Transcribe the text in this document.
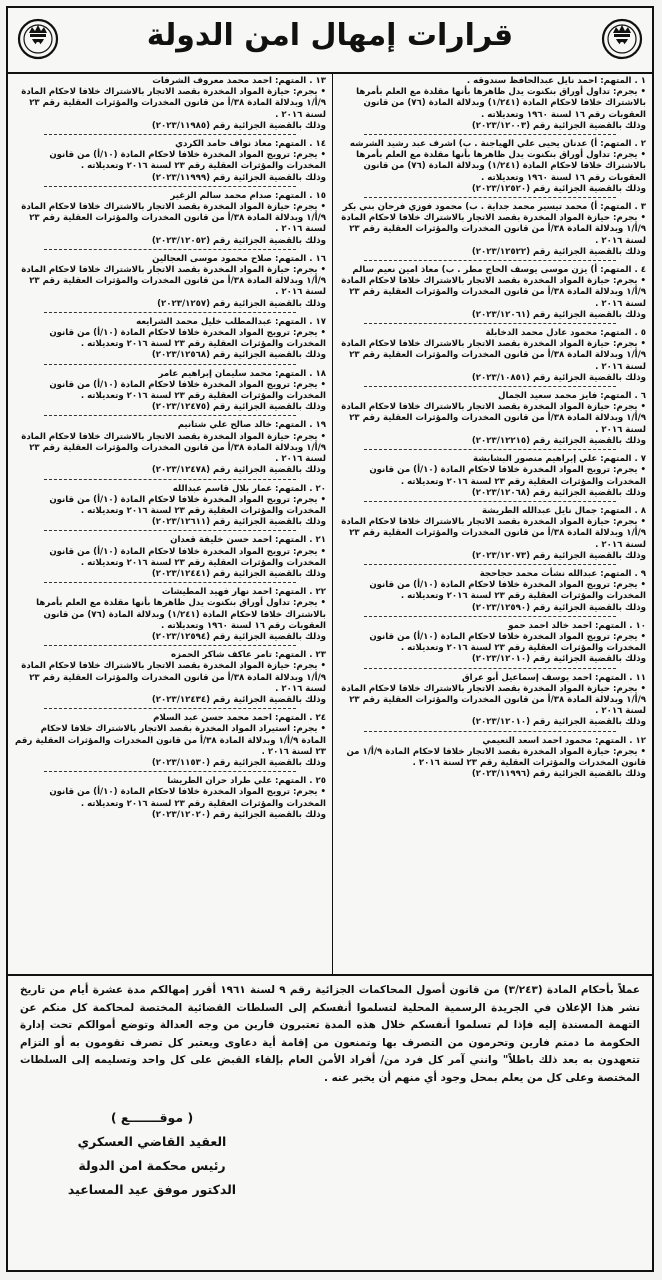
قرارات إمهال امن الدولة
١ . المتهم: احمد نايل عبدالحافظ سندوقه .
• يجرم: تداول أوراق بنكنوت يدل ظاهرها بأنها مقلدة مع العلم بأمرها بالاشتراك خلافا لاحكام المادة (١/٢٤١) وبدلالة المادة (٧٦) من قانون العقوبات رقم ١٦ لسنة ١٩٦٠ وتعديلاته .
وذلك بالقضية الجزائية رقم (٢٠٢٣/١٢٠٠٣)
٢ . المتهم: أ) عدنان يحيى علي الهياجنة . ب) اشرف عبد رشيد الشرشه
• يجرم: تداول أوراق بنكنوت يدل ظاهرها بأنها مقلدة مع العلم بأمرها بالاشتراك خلافا لاحكام المادة (١/٢٤١) وبدلالة المادة (٧٦) من قانون العقوبات رقم ١٦ لسنة ١٩٦٠ وتعديلاته .
وذلك بالقضية الجزائية رقم (٢٠٢٣/١٢٥٢٠)
٣ . المتهم: أ) محمد تيسير محمد جداية . ب) محمود فوزي فرحان بني بكر
• يجرم: حيازة المواد المخدرة بقصد الاتجار بالاشتراك خلافا لاحكام المادة ٩/أ/١ وبدلالة المادة ٣٨/أ من قانون المخدرات والمؤثرات العقلية رقم ٢٣ لسنة ٢٠١٦ .
وذلك بالقضية الجزائية رقم (٢٠٢٣/١٢٥٢٢)
٤ . المتهم: أ) يزن موسى يوسف الحاج مطر . ب) معاذ امين نعيم سالم
• يجرم: حيازة المواد المخدرة بقصد الاتجار بالاشتراك خلافا لاحكام المادة ٩/أ/١ وبدلالة المادة ٣٨/أ من قانون المخدرات والمؤثرات العقلية رقم ٢٣ لسنة ٢٠١٦ .
وذلك بالقضية الجزائية رقم (٢٠٢٣/١٢٠٦١)
٥ . المتهم: محمود عادل محمد الدخابلة
• يجرم: حيازة المواد المخدرة بقصد الاتجار بالاشتراك خلافا لاحكام المادة ٩/أ/١ وبدلالة المادة ٣٨/أ من قانون المخدرات والمؤثرات العقلية رقم ٢٣ لسنة ٢٠١٦ .
وذلك بالقضية الجزائية رقم (٢٠٢٣/١٠٨٥١)
٦ . المتهم: فايز محمد سعيد الجمال
• يجرم: حيازة المواد المخدرة بقصد الاتجار بالاشتراك خلافا لاحكام المادة ٩/أ/١ وبدلالة المادة ٣٨/أ من قانون المخدرات والمؤثرات العقلية رقم ٢٣ لسنة ٢٠١٦ .
وذلك بالقضية الجزائية رقم (٢٠٢٣/١٢٢١٥)
٧ . المتهم: علي إبراهيم منصور البشابشة
• يجرم: ترويج المواد المخدرة خلافا لاحكام المادة (١٠/أ) من قانون المخدرات والمؤثرات العقلية رقم ٢٣ لسنة ٢٠١٦ وتعديلاته .
وذلك بالقضية الجزائية رقم (٢٠٢٣/١٢٠٦٨)
٨ . المتهم: جمال نايل عبدالله الطريشة
• يجرم: حيازة المواد المخدرة بقصد الاتجار بالاشتراك خلافا لاحكام المادة ٩/أ/١ وبدلالة المادة ٣٨/أ من قانون المخدرات والمؤثرات العقلية رقم ٢٣ لسنة ٢٠١٦ .
وذلك بالقضية الجزائية رقم (٢٠٢٣/١٢٠٧٣)
٩ . المتهم: عبدالله نشأت محمد حجاحجة
• يجرم: ترويج المواد المخدرة خلافا لاحكام المادة (١٠/أ) من قانون المخدرات والمؤثرات العقلية رقم ٢٣ لسنة ٢٠١٦ وتعديلاته .
وذلك بالقضية الجزائية رقم (٢٠٢٣/١٢٥٩٠)
١٠ . المتهم: احمد خالد احمد حمو
• يجرم: ترويج المواد المخدرة خلافا لاحكام المادة (١٠/أ) من قانون المخدرات والمؤثرات العقلية رقم ٢٣ لسنة ٢٠١٦ وتعديلاته .
وذلك بالقضية الجزائية رقم (٢٠٢٣/١٢٠١٠)
١١ . المتهم: احمد يوسف إسماعيل أبو عراق
• يجرم: حيازة المواد المخدرة بقصد الاتجار بالاشتراك خلافا لاحكام المادة ٩/أ/١ وبدلالة المادة ٣٨/أ من قانون المخدرات والمؤثرات العقلية رقم ٢٣ لسنة ٢٠١٦ .
وذلك بالقضية الجزائية رقم (٢٠٢٣/١٢٠١٠)
١٢ . المتهم: محمود احمد اسعد النعيمي
• يجرم: حيازة المواد المخدرة بقصد الاتجار خلافا لاحكام المادة ٩/أ/١ من قانون المخدرات والمؤثرات العقلية رقم ٢٣ لسنة ٢٠١٦ .
وذلك بالقضية الجزائية رقم (٢٠٢٣/١١٩٩٦)
١٣ . المتهم: احمد محمد معروف الشرفات
• يجرم: حيازة المواد المخدرة بقصد الاتجار بالاشتراك خلافا لاحكام المادة ٩/أ/١ وبدلالة المادة ٣٨/أ من قانون المخدرات والمؤثرات العقلية رقم ٢٣ لسنة ٢٠١٦ .
وذلك بالقضية الجزائية رقم (٢٠٢٣/١١٩٨٥)
١٤ . المتهم: معاذ نواف حامد الكردي
• يجرم: ترويج المواد المخدرة خلافا لاحكام المادة (١٠/أ) من قانون المخدرات والمؤثرات العقلية رقم ٢٣ لسنة ٢٠١٦ وتعديلاته .
وذلك بالقضية الجزائية رقم (٢٠٢٣/١١٩٩٩)
١٥ . المتهم: صدام محمد سالم الزغير
• يجرم: حيازة المواد المخدرة بقصد الاتجار بالاشتراك خلافا لاحكام المادة ٩/أ/١ وبدلالة المادة ٣٨/أ من قانون المخدرات والمؤثرات العقلية رقم ٢٣ لسنة ٢٠١٦ .
وذلك بالقضية الجزائية رقم (٢٠٢٣/١٢٠٥٢)
١٦ . المتهم: صلاح محمود موسى العجالين
• يجرم: حيازة المواد المخدرة بقصد الاتجار بالاشتراك خلافا لاحكام المادة ٩/أ/١ وبدلالة المادة ٣٨/أ من قانون المخدرات والمؤثرات العقلية رقم ٢٣ لسنة ٢٠١٦ .
وذلك بالقضية الجزائية رقم (٢٠٢٣/١٢٥٧)
١٧ . المتهم: عبدالمطلب خليل محمد الشرايعه
• يجرم: ترويج المواد المخدرة خلافا لاحكام المادة (١٠/أ) من قانون المخدرات والمؤثرات العقلية رقم ٢٣ لسنة ٢٠١٦ وتعديلاته .
وذلك بالقضية الجزائية رقم (٢٠٢٣/١٢٥٦٨)
١٨ . المتهم: محمد سليمان إبراهيم عامر
• يجرم: ترويج المواد المخدرة خلافا لاحكام المادة (١٠/أ) من قانون المخدرات والمؤثرات العقلية رقم ٢٣ لسنة ٢٠١٦ وتعديلاته .
وذلك بالقضية الجزائية رقم (٢٠٢٣/١٢٤٧٥)
١٩ . المتهم: خالد صالح علي شتانيم
• يجرم: حيازة المواد المخدرة بقصد الاتجار بالاشتراك خلافا لاحكام المادة ٩/أ/١ وبدلالة المادة ٣٨/أ من قانون المخدرات والمؤثرات العقلية رقم ٢٣ لسنة ٢٠١٦ .
وذلك بالقضية الجزائية رقم (٢٠٢٣/١٢٤٧٨)
٢٠ . المتهم: عمار بلال قاسم عبدالله
• يجرم: ترويج المواد المخدرة خلافا لاحكام المادة (١٠/أ) من قانون المخدرات والمؤثرات العقلية رقم ٢٣ لسنة ٢٠١٦ وتعديلاته .
وذلك بالقضية الجزائية رقم (٢٠٢٣/١٢٦١١)
٢١ . المتهم: احمد حسن خليفة قعدان
• يجرم: ترويج المواد المخدرة خلافا لاحكام المادة (١٠/أ) من قانون المخدرات والمؤثرات العقلية رقم ٢٣ لسنة ٢٠١٦ وتعديلاته .
وذلك بالقضية الجزائية رقم (٢٠٢٣/١٢٤٤١)
٢٢ . المتهم: احمد نهار فهيد المطيشات
• يجرم: تداول أوراق بنكنوت يدل ظاهرها بأنها مقلدة مع العلم بأمرها بالاشتراك خلافا لاحكام المادة (١/٢٤١) وبدلالة المادة (٧٦) من قانون العقوبات رقم ١٦ لسنة ١٩٦٠ وتعديلاته .
وذلك بالقضية الجزائية رقم (٢٠٢٣/١٢٥٩٤)
٢٣ . المتهم: تامر عاكف شاكر الحمزه
• يجرم: حيازة المواد المخدرة بقصد الاتجار بالاشتراك خلافا لاحكام المادة ٩/أ/١ وبدلالة المادة ٣٨/أ من قانون المخدرات والمؤثرات العقلية رقم ٢٣ لسنة ٢٠١٦ .
وذلك بالقضية الجزائية رقم (٢٠٢٣/١٢٤٣٤)
٢٤ . المتهم: احمد محمد حسن عبد السلام
• يجرم: استيراد المواد المخدرة بقصد الاتجار بالاشتراك خلافا لاحكام المادة ٩/أ/١ وبدلالة المادة ٣٨/أ من قانون المخدرات والمؤثرات العقلية رقم ٢٣ لسنة ٢٠١٦ .
وذلك بالقضية الجزائية رقم (٢٠٢٣/١١٥٣٠)
٢٥ . المتهم: علي طراد حران الطريشا
• يجرم: ترويج المواد المخدرة خلافا لاحكام المادة (١٠/أ) من قانون المخدرات والمؤثرات العقلية رقم ٢٣ لسنة ٢٠١٦ وتعديلاته .
وذلك بالقضية الجزائية رقم (٢٠٢٣/١٢٠٢٠)
عملاً بأحكام المادة (٣/٢٤٣) من قانون أصول المحاكمات الجزائية رقم ٩ لسنة ١٩٦١ أقرر إمهالكم مدة عشرة أيام من تاريخ نشر هذا الإعلان في الجريدة الرسمية المحلية لتسلموا أنفسكم إلى السلطات القضائية المختصة لمحاكمة كل منكم عن التهمة المسندة إليه فإذا لم تسلموا أنفسكم خلال هذه المدة تعتبرون فارين من وجه العدالة وتوضع أموالكم تحت إدارة الحكومة ما دمتم فارين وتحرمون من التصرف بها وتمنعون من إقامة أية دعاوى ويعتبر كل تصرف تقومون به أو التزام تتعهدون به بعد ذلك باطلاً" وانني آمر كل فرد من/ أفراد الأمن العام بإلقاء القبض على كل واحد وتسليمه إلى السلطات المختصة وعلى كل من يعلم بمحل وجود أي منهم أن يخبر عنه .
( موقـــــــع )
العقيد القاضي العسكري
رئيس محكمة امن الدولة
الدكتور موفق عيد المساعيد
